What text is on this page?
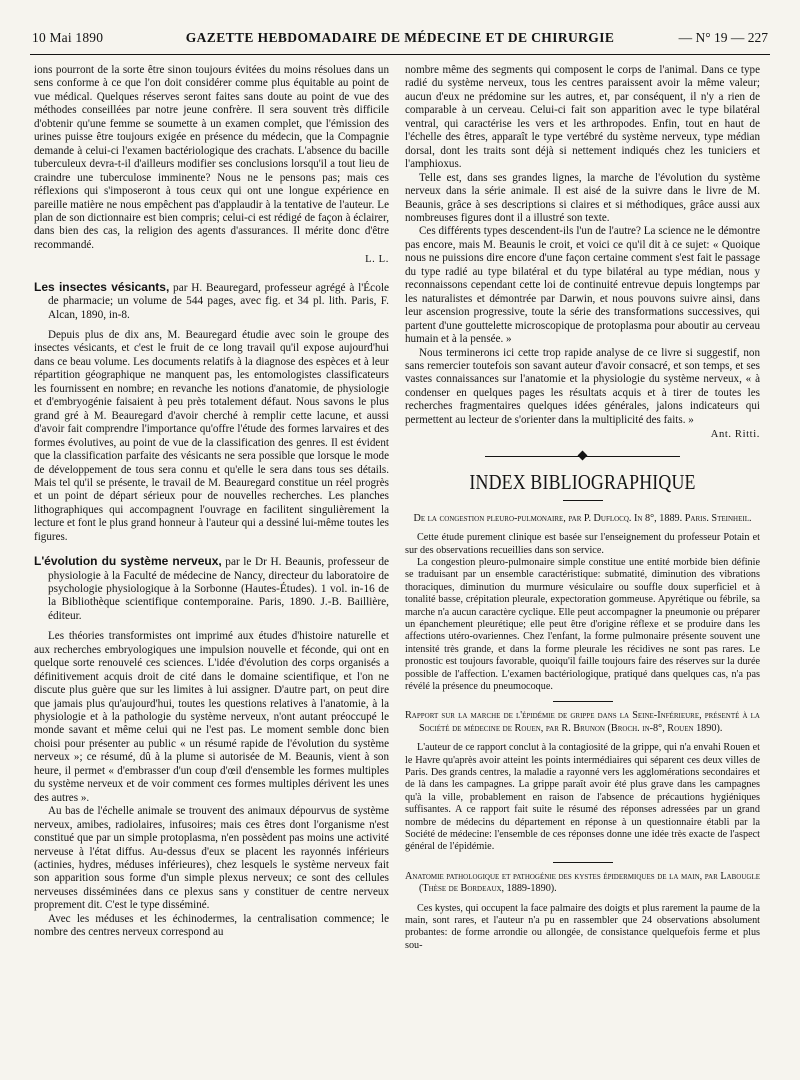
10 Mai 1890	GAZETTE HEBDOMADAIRE DE MÉDECINE ET DE CHIRURGIE	— N° 19 — 227

ions pourront de la sorte être sinon toujours évitées du moins résolues dans un sens conforme à ce que l'on doit considérer comme plus équitable au point de vue médical. Quelques réserves seront faites sans doute au point de vue des méthodes conseillées par notre jeune confrère. Il sera souvent très difficile d'obtenir qu'une femme se soumette à un examen complet, que l'émission des urines puisse être toujours exigée en présence du médecin, que la Compagnie demande à celui-ci l'examen bactériologique des crachats. L'absence du bacille tuberculeux devra-t-il d'ailleurs modifier ses conclusions lorsqu'il a tout lieu de craindre une tuberculose imminente? Nous ne le pensons pas; mais ces réflexions qui s'imposeront à tous ceux qui ont une longue expérience en pareille matière ne nous empêchent pas d'applaudir à la tentative de l'auteur. Le plan de son dictionnaire est bien compris; celui-ci est rédigé de façon à éclairer, dans bien des cas, la religion des agents d'assurances. Il mérite donc d'être recommandé.

L. L.
Les insectes vésicants, par H. Beauregard, professeur agrégé à l'École de pharmacie; un volume de 544 pages, avec fig. et 34 pl. lith. Paris, F. Alcan, 1890, in-8.

Depuis plus de dix ans, M. Beauregard étudie avec soin le groupe des insectes vésicants, et c'est le fruit de ce long travail qu'il expose aujourd'hui dans ce beau volume. Les documents relatifs à la diagnose des espèces et à leur répartition géographique ne manquent pas, les entomologistes classificateurs les fournissent en nombre; en revanche les notions d'anatomie, de physiologie et d'embryogénie faisaient à peu près totalement défaut. Nous savons le plus grand gré à M. Beauregard d'avoir cherché à remplir cette lacune, et aussi d'avoir fait comprendre l'importance qu'offre l'étude des formes larvaires et des formes évolutives, au point de vue de la classification des genres. Il est évident que la classification parfaite des vésicants ne sera possible que lorsque le mode de développement de tous sera connu et qu'elle le sera dans tous ses détails. Mais tel qu'il se présente, le travail de M. Beauregard constitue un réel progrès et un point de départ sérieux pour de nouvelles recherches. Les planches lithographiques qui accompagnent l'ouvrage en facilitent singulièrement la lecture et font le plus grand honneur à l'auteur qui a dessiné lui-même toutes les figures.

L'évolution du système nerveux, par le Dr H. Beaunis, professeur de physiologie à la Faculté de médecine de Nancy, directeur du laboratoire de psychologie physiologique à la Sorbonne (Hautes-Études). 1 vol. in-16 de la Bibliothèque scientifique contemporaine. Paris, 1890. J.-B. Baillière, éditeur.

Les théories transformistes ont imprimé aux études d'histoire naturelle et aux recherches embryologiques une impulsion nouvelle et féconde, qui ont en quelque sorte renouvelé ces sciences. L'idée d'évolution des corps organisés a définitivement acquis droit de cité dans le domaine scientifique, et l'on ne discute plus guère que sur les limites à lui assigner. D'autre part, on peut dire que jamais plus qu'aujourd'hui, toutes les questions relatives à l'anatomie, à la physiologie et à la pathologie du système nerveux, n'ont autant préoccupé le monde savant et même celui qui ne l'est pas. Le moment semble donc bien choisi pour présenter au public « un résumé rapide de l'évolution du système nerveux »; ce résumé, dû à la plume si autorisée de M. Beaunis, vient à son heure, il permet « d'embrasser d'un coup d'œil d'ensemble les formes multiples du système nerveux et de voir comment ces formes multiples dérivent les unes des autres ».

Au bas de l'échelle animale se trouvent des animaux dépourvus de système nerveux, amibes, radiolaires, infusoires; mais ces êtres dont l'organisme n'est constitué que par un simple protoplasma, n'en possèdent pas moins une activité nerveuse à l'état diffus. Au-dessus d'eux se placent les rayonnés inférieurs (actinies, hydres, méduses inférieures), chez lesquels le système nerveux fait son apparition sous forme d'un simple plexus nerveux; ce sont des cellules nerveuses disséminées dans ce plexus sans y constituer de centre nerveux proprement dit. C'est le type disséminé.

Avec les méduses et les échinodermes, la centralisation commence; le nombre des centres nerveux correspond au

nombre même des segments qui composent le corps de l'animal. Dans ce type radié du système nerveux, tous les centres paraissent avoir la même valeur; aucun d'eux ne prédomine sur les autres, et, par conséquent, il n'y a rien de comparable à un cerveau. Celui-ci fait son apparition avec le type bilatéral ventral, qui caractérise les vers et les arthropodes. Enfin, tout en haut de l'échelle des êtres, apparaît le type vertébré du système nerveux, type médian dorsal, dont les traits sont déjà si nettement indiqués chez les tuniciers et l'amphioxus.

Telle est, dans ses grandes lignes, la marche de l'évolution du système nerveux dans la série animale. Il est aisé de la suivre dans le livre de M. Beaunis, grâce à ses descriptions si claires et si méthodiques, grâce aussi aux nombreuses figures dont il a illustré son texte.

Ces différents types descendent-ils l'un de l'autre? La science ne le démontre pas encore, mais M. Beaunis le croit, et voici ce qu'il dit à ce sujet: « Quoique nous ne puissions dire encore d'une façon certaine comment s'est fait le passage du type radié au type bilatéral et du type bilatéral au type médian, nous y reconnaissons cependant cette loi de continuité entrevue depuis longtemps par les naturalistes et démontrée par Darwin, et nous pouvons suivre ainsi, dans leur ascension progressive, toute la série des transformations successives, qui partent d'une gouttelette microscopique de protoplasma pour aboutir au cerveau humain et à la pensée. »

Nous terminerons ici cette trop rapide analyse de ce livre si suggestif, non sans remercier toutefois son savant auteur d'avoir consacré, et son temps, et ses vastes connaissances sur l'anatomie et la physiologie du système nerveux, « à condenser en quelques pages les résultats acquis et à tirer de toutes les recherches fragmentaires quelques idées générales, jalons indicateurs qui permettent au lecteur de s'orienter dans la multiplicité des faits. »

Ant. Ritti.
INDEX BIBLIOGRAPHIQUE
De la congestion pleuro-pulmonaire, par P. Duflocq. In 8°, 1889. Paris. Steinheil.

Cette étude purement clinique est basée sur l'enseignement du professeur Potain et sur des observations recueillies dans son service.

La congestion pleuro-pulmonaire simple constitue une entité morbide bien définie se traduisant par un ensemble caractéristique: submatité, diminution des vibrations thoraciques, diminution du murmure vésiculaire ou souffle doux superficiel et à tonalité basse, crépitation pleurale, expectoration gommeuse. Apyrétique ou fébrile, sa marche n'a aucun caractère cyclique. Elle peut accompagner la pneumonie ou préparer un épanchement pleurétique; elle peut être d'origine réflexe et se produire dans les affections utéro-ovariennes. Chez l'enfant, la forme pulmonaire présente souvent une intensité très grande, et dans la forme pleurale les récidives ne sont pas rares. Le pronostic est toujours favorable, quoiqu'il faille toujours faire des réserves sur la durée possible de l'affection. L'examen bactériologique, pratiqué dans quelques cas, n'a pas révélé la présence du pneumocoque.

Rapport sur la marche de l'épidémie de grippe dans la Seine-Inférieure, présenté à la Société de médecine de Rouen, par R. Brunon (Broch. in-8°, Rouen 1890).

L'auteur de ce rapport conclut à la contagiosité de la grippe, qui n'a envahi Rouen et le Havre qu'après avoir atteint les points intermédiaires qui séparent ces deux villes de Paris. Des grands centres, la maladie a rayonné vers les agglomérations secondaires et de là dans les campagnes. La grippe paraît avoir été plus grave dans les campagnes qu'à la ville, probablement en raison de l'absence de précautions hygiéniques suffisantes. A ce rapport fait suite le résumé des réponses adressées par un grand nombre de médecins du département en réponse à un questionnaire établi par la Société de médecine: l'ensemble de ces réponses donne une idée très exacte de l'aspect général de l'épidémie.

Anatomie pathologique et pathogénie des kystes épidermiques de la main, par Labougle (Thèse de Bordeaux, 1889-1890).

Ces kystes, qui occupent la face palmaire des doigts et plus rarement la paume de la main, sont rares, et l'auteur n'a pu en rassembler que 24 observations absolument probantes: de forme arrondie ou allongée, de consistance quelquefois ferme et plus sou-
